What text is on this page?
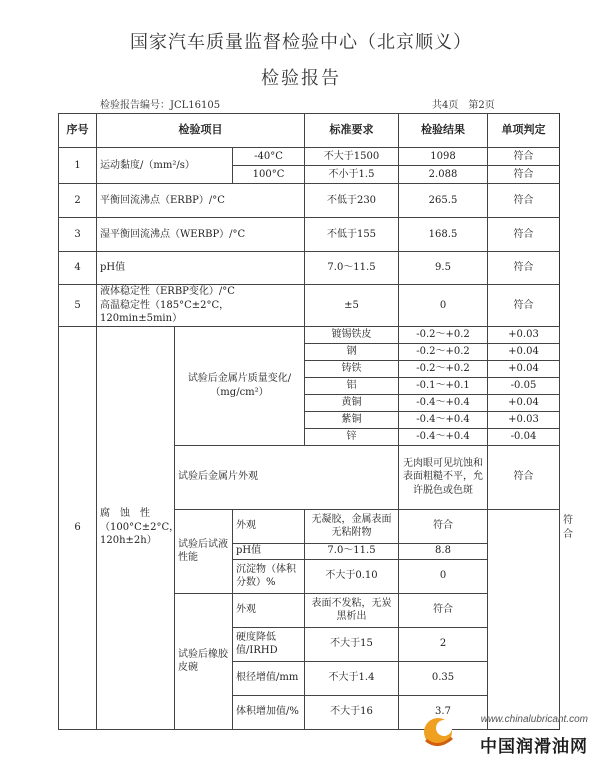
国家汽车质量监督检验中心（北京顺义）
检验报告
检验报告编号：JCL16105	共4页　第2页
序号	检验项目			标准要求	检验结果	单项判定	
1	运动黏度/（mm²/s）		-40°C	不大于1500	1098	符合	
			100°C	不小于1.5	2.088	符合	
2	平衡回流沸点（ERBP）/°C			不低于230	265.5	符合	
3	湿平衡回流沸点（WERBP）/°C			不低于155	168.5	符合	
4	pH值			7.0～11.5	9.5	符合	
5	液体稳定性（ERBP变化）/°C
高温稳定性（185°C±2°C，120min±5min）			±5	0	符合	
6	腐　蚀　性
（100°C±2°C，
120h±2h）	试验后金属片质量变化/（mg/cm²）		镀锡铁皮	-0.2～+0.2	+0.03	符合
				钢	-0.2～+0.2	+0.04	
				铸铁	-0.2～+0.2	+0.04	
				铝	-0.1～+0.1	-0.05	
				黄铜	-0.4～+0.4	+0.04	
				紫铜	-0.4～+0.4	+0.03	
				锌	-0.4～+0.4	-0.04	
		试验后金属片外观			无肉眼可见坑蚀和表面粗糙不平，允许脱色或色斑	符合	
		试验后试液性能	外观	无凝胶，金属表面无粘附物	符合		
			pH值	7.0～11.5	8.8		
			沉淀物（体积分数）%	不大于0.10	0		
		试验后橡胶皮碗	外观	表面不发粘，无炭黑析出	符合		
			硬度降低值/IRHD	不大于15	2		
			根径增值/mm	不大于1.4	0.35		
			体积增加值/%	不大于16	3.7		
www.chinalubricant.com
中国润滑油网
